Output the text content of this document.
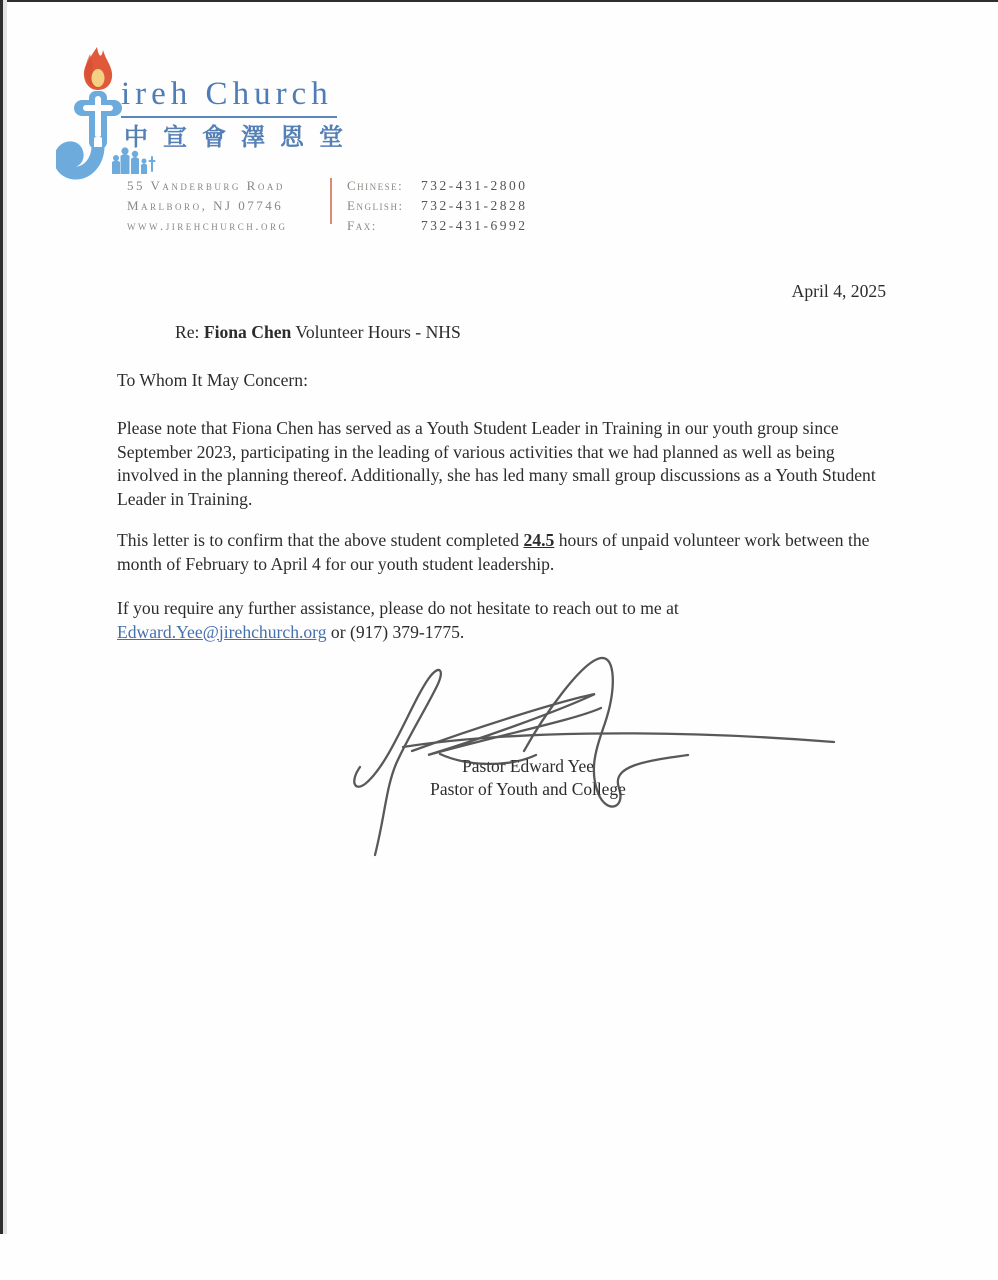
ireh Church
中宣會澤恩堂
55 Vanderburg Road
Marlboro, NJ 07746
www.jirehchurch.org
Chinese:	732-431-2800
English:	732-431-2828
Fax:	732-431-6992
April 4, 2025
Re: Fiona Chen Volunteer Hours - NHS
To Whom It May Concern:
Please note that Fiona Chen has served as a Youth Student Leader in Training in our youth group since September 2023, participating in the leading of various activities that we had planned as well as being involved in the planning thereof. Additionally, she has led many small group discussions as a Youth Student Leader in Training.
This letter is to confirm that the above student completed 24.5 hours of unpaid volunteer work between the month of February to April 4 for our youth student leadership.
If you require any further assistance, please do not hesitate to reach out to me at Edward.Yee@jirehchurch.org or (917) 379-1775.
Pastor Edward Yee
Pastor of Youth and College
